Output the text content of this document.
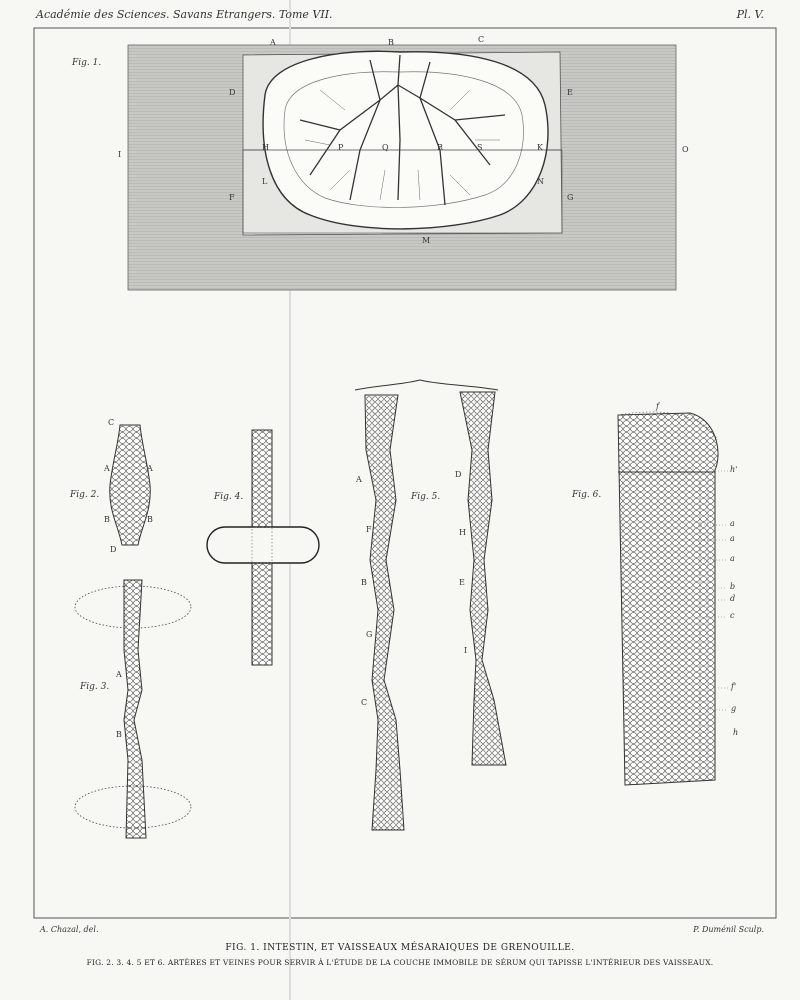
Académie des Sciences. Savans Etrangers. Tome VII.	Pl. V.
Fig. 1.
A	B	C
D	E
I
O
H	P	Q	R	S	K
L	N
F	G
M
Fig. 2.
C
A	A
B	B
D
Fig. 3.
A
B
Fig. 4.	Fig. 5.
A
F
B
G
C
D
H
E
I
Fig. 6.
f
h'
a
a
a
b
d
c
f'
g
h
A. Chazal, del.	P. Duménil Sculp.
FIG. 1. INTESTIN, ET VAISSEAUX MÉSARAIQUES DE GRENOUILLE.
FIG. 2. 3. 4. 5 ET 6. ARTÈRES ET VEINES POUR SERVIR À L'ÉTUDE DE LA COUCHE IMMOBILE DE SÉRUM QUI TAPISSE L'INTÉRIEUR DES VAISSEAUX.
